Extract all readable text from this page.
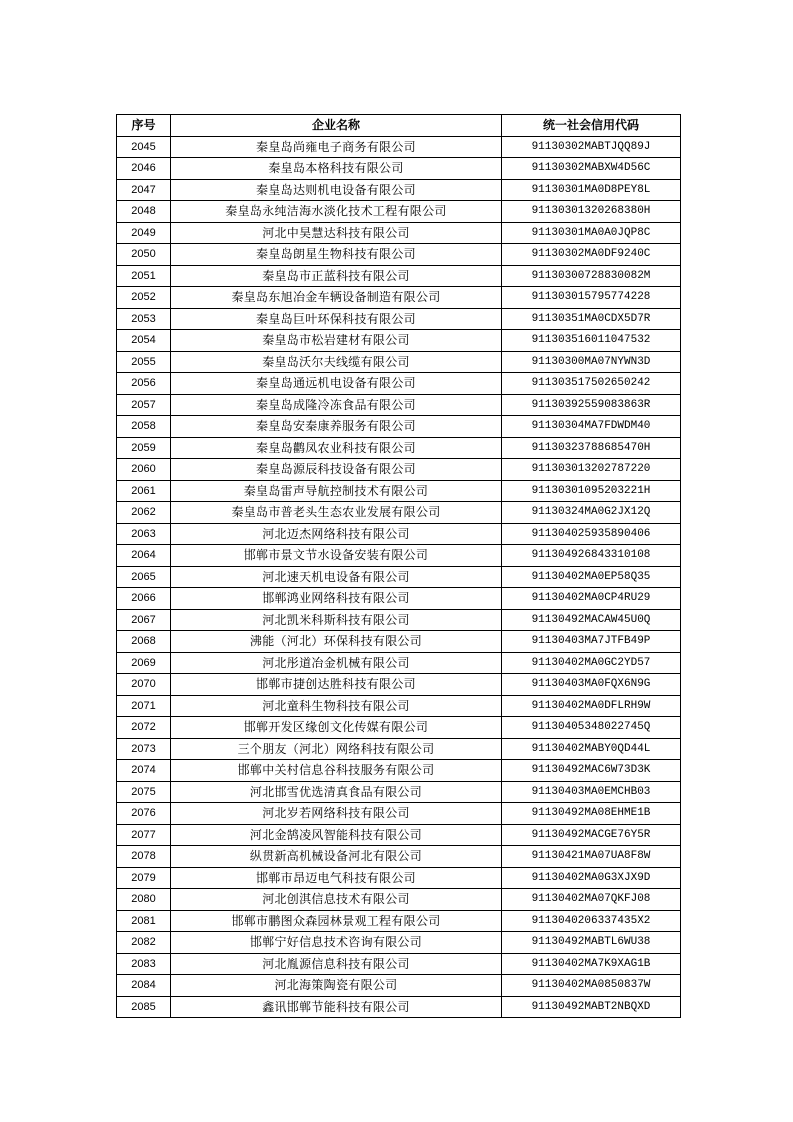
序号	企业名称	统一社会信用代码
2045	秦皇岛尚雍电子商务有限公司	91130302MABTJQQ89J
2046	秦皇岛本格科技有限公司	91130302MABXW4D56C
2047	秦皇岛达则机电设备有限公司	91130301MA0D8PEY8L
2048	秦皇岛永纯洁海水淡化技术工程有限公司	91130301320268380H
2049	河北中昊慧达科技有限公司	91130301MA0A0JQP8C
2050	秦皇岛朗星生物科技有限公司	91130302MA0DF9240C
2051	秦皇岛市正蓝科技有限公司	91130300728830082M
2052	秦皇岛东旭冶金车辆设备制造有限公司	911303015795774228
2053	秦皇岛巨叶环保科技有限公司	91130351MA0CDX5D7R
2054	秦皇岛市松岩建材有限公司	911303516011047532
2055	秦皇岛沃尔夫线缆有限公司	91130300MA07NYWN3D
2056	秦皇岛通远机电设备有限公司	911303517502650242
2057	秦皇岛成隆冷冻食品有限公司	91130392559083863R
2058	秦皇岛安秦康养服务有限公司	91130304MA7FDWDM40
2059	秦皇岛鹳凤农业科技有限公司	91130323788685470H
2060	秦皇岛源辰科技设备有限公司	911303013202787220
2061	秦皇岛雷声导航控制技术有限公司	91130301095203221H
2062	秦皇岛市普老头生态农业发展有限公司	91130324MA0G2JX12Q
2063	河北迈杰网络科技有限公司	911304025935890406
2064	邯郸市景文节水设备安装有限公司	911304926843310108
2065	河北速天机电设备有限公司	91130402MA0EP58Q35
2066	邯郸鸿业网络科技有限公司	91130402MA0CP4RU29
2067	河北凯米科斯科技有限公司	91130492MACAW45U0Q
2068	沸能（河北）环保科技有限公司	91130403MA7JTFB49P
2069	河北彤道冶金机械有限公司	91130402MA0GC2YD57
2070	邯郸市捷创达胜科技有限公司	91130403MA0FQX6N9G
2071	河北童科生物科技有限公司	91130402MA0DFLRH9W
2072	邯郸开发区缘创文化传媒有限公司	91130405348022745Q
2073	三个朋友（河北）网络科技有限公司	91130402MABY0QD44L
2074	邯郸中关村信息谷科技服务有限公司	91130492MAC6W73D3K
2075	河北邯雪优选清真食品有限公司	91130403MA0EMCHB03
2076	河北岁若网络科技有限公司	91130492MA08EHME1B
2077	河北金鹄凌风智能科技有限公司	91130492MACGE76Y5R
2078	纵贯新高机械设备河北有限公司	91130421MA07UA8F8W
2079	邯郸市昂迈电气科技有限公司	91130402MA0G3XJX9D
2080	河北创淇信息技术有限公司	91130402MA07QKFJ08
2081	邯郸市鹏图众森园林景观工程有限公司	9113040206337435X2
2082	邯郸宁好信息技术咨询有限公司	91130492MABTL6WU38
2083	河北胤源信息科技有限公司	91130402MA7K9XAG1B
2084	河北海策陶瓷有限公司	91130402MA0850837W
2085	鑫讯邯郸节能科技有限公司	91130492MABT2NBQXD
